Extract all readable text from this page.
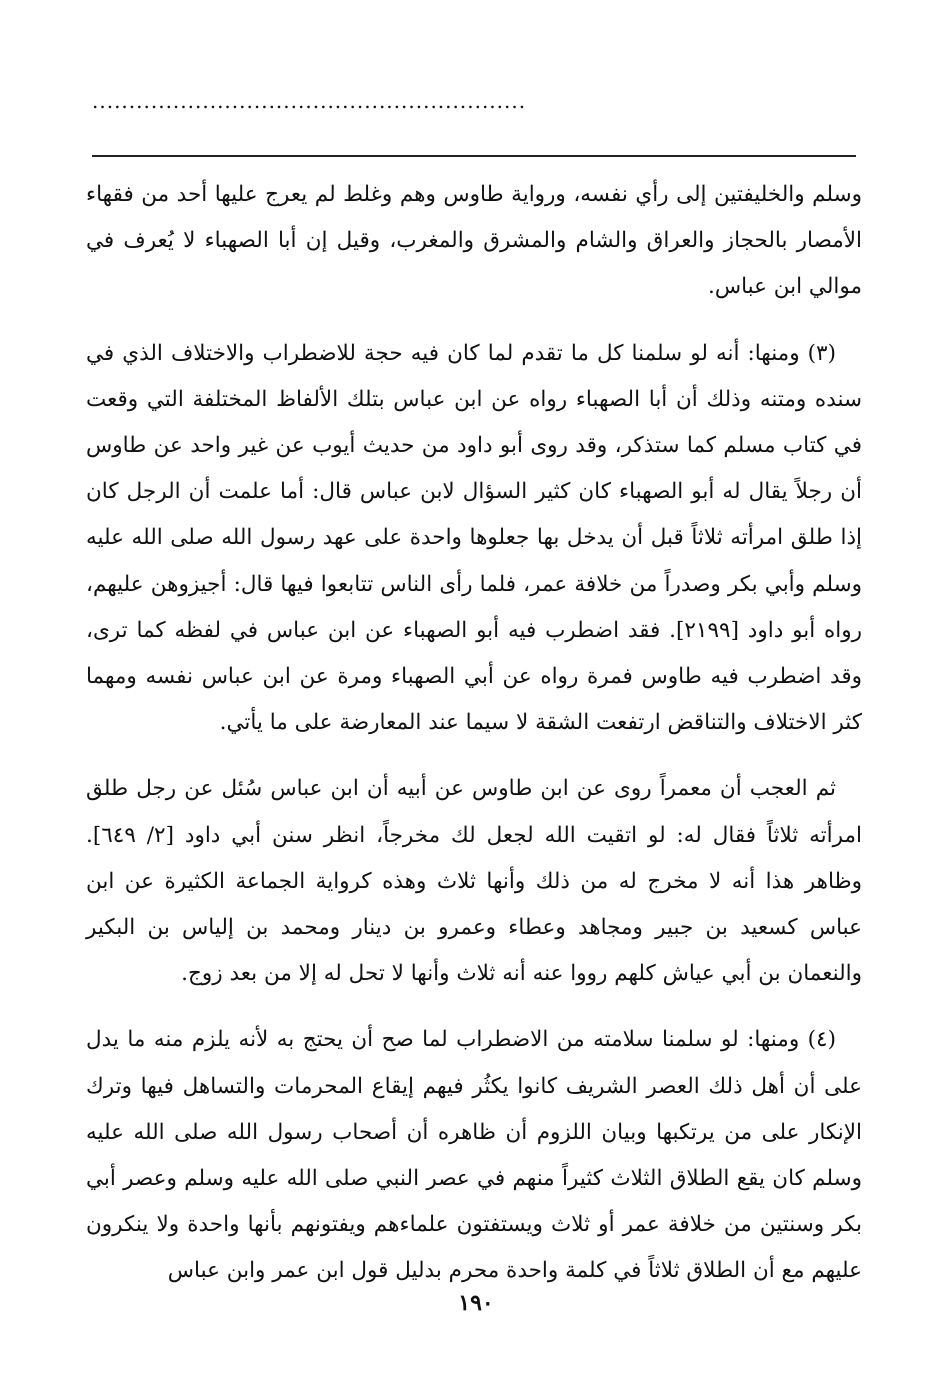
...........................................................

وسلم والخليفتين إلى رأي نفسه، ورواية طاوس وهم وغلط لم يعرج عليها أحد من فقهاء الأمصار بالحجاز والعراق والشام والمشرق والمغرب، وقيل إن أبا الصهباء لا يُعرف في موالي ابن عباس.

(٣) ومنها: أنه لو سلمنا كل ما تقدم لما كان فيه حجة للاضطراب والاختلاف الذي في سنده ومتنه وذلك أن أبا الصهباء رواه عن ابن عباس بتلك الألفاظ المختلفة التي وقعت في كتاب مسلم كما ستذكر، وقد روى أبو داود من حديث أيوب عن غير واحد عن طاوس أن رجلاً يقال له أبو الصهباء كان كثير السؤال لابن عباس قال: أما علمت أن الرجل كان إذا طلق امرأته ثلاثاً قبل أن يدخل بها جعلوها واحدة على عهد رسول الله صلى الله عليه وسلم وأبي بكر وصدراً من خلافة عمر، فلما رأى الناس تتابعوا فيها قال: أجيزوهن عليهم، رواه أبو داود [٢١٩٩]. فقد اضطرب فيه أبو الصهباء عن ابن عباس في لفظه كما ترى، وقد اضطرب فيه طاوس فمرة رواه عن أبي الصهباء ومرة عن ابن عباس نفسه ومهما كثر الاختلاف والتناقض ارتفعت الشقة لا سيما عند المعارضة على ما يأتي.

ثم العجب أن معمراً روى عن ابن طاوس عن أبيه أن ابن عباس سُئل عن رجل طلق امرأته ثلاثاً فقال له: لو اتقيت الله لجعل لك مخرجاً، انظر سنن أبي داود [٢/ ٦٤٩]. وظاهر هذا أنه لا مخرج له من ذلك وأنها ثلاث وهذه كرواية الجماعة الكثيرة عن ابن عباس كسعيد بن جبير ومجاهد وعطاء وعمرو بن دينار ومحمد بن إلياس بن البكير والنعمان بن أبي عياش كلهم رووا عنه أنه ثلاث وأنها لا تحل له إلا من بعد زوج.

(٤) ومنها: لو سلمنا سلامته من الاضطراب لما صح أن يحتج به لأنه يلزم منه ما يدل على أن أهل ذلك العصر الشريف كانوا يكثُر فيهم إيقاع المحرمات والتساهل فيها وترك الإنكار على من يرتكبها وبيان اللزوم أن ظاهره أن أصحاب رسول الله صلى الله عليه وسلم كان يقع الطلاق الثلاث كثيراً منهم في عصر النبي صلى الله عليه وسلم وعصر أبي بكر وسنتين من خلافة عمر أو ثلاث ويستفتون علماءهم ويفتونهم بأنها واحدة ولا ينكرون عليهم مع أن الطلاق ثلاثاً في كلمة واحدة محرم بدليل قول ابن عمر وابن عباس

١٩٠
